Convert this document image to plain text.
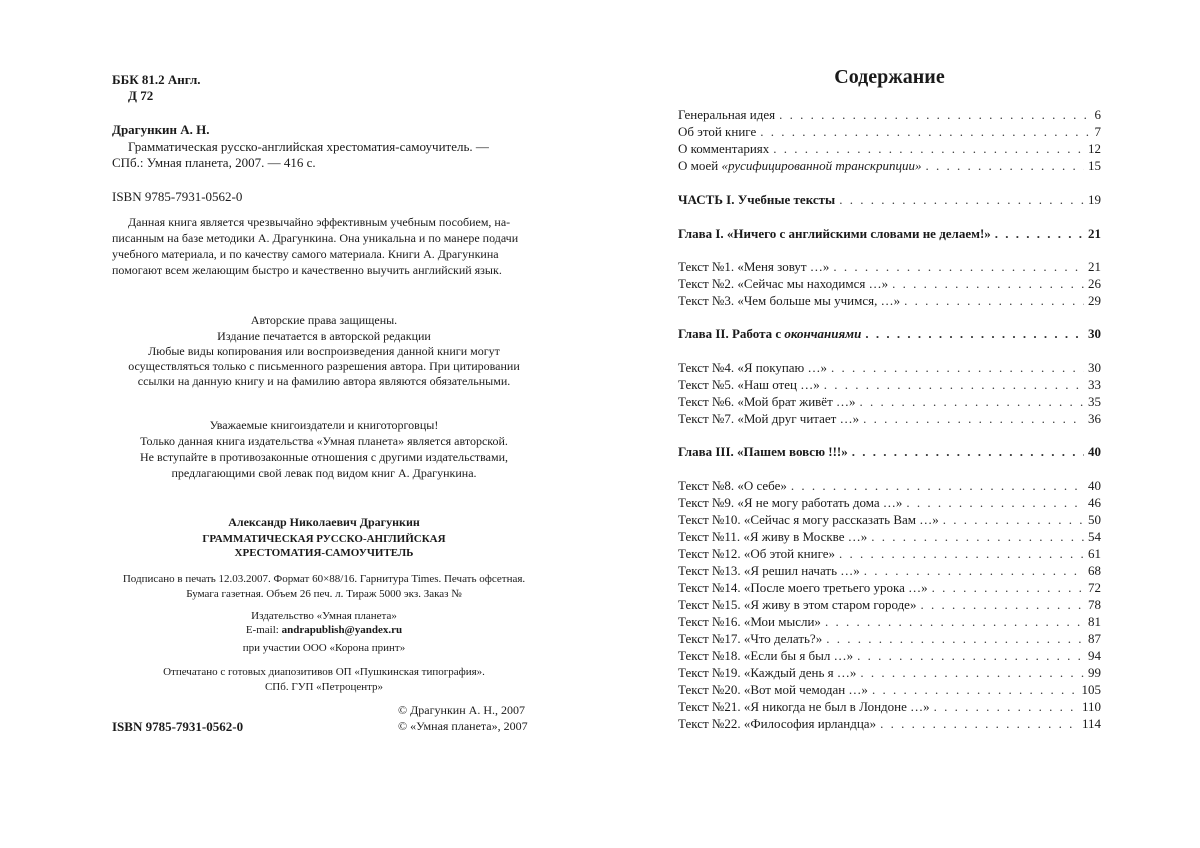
ББК 81.2 Англ.
Д 72
Драгункин А. Н.
Грамматическая русско-английская хрестоматия-самоучитель. —
СПб.: Умная планета, 2007. — 416 с.
ISBN 9785-7931-0562-0
Данная книга является чрезвычайно эффективным учебным пособием, на-
писанным на базе методики А. Драгункина. Она уникальна и по манере подачи
учебного материала, и по качеству самого материала. Книги А. Драгункина
помогают всем желающим быстро и качественно выучить английский язык.
Авторские права защищены.
Издание печатается в авторской редакции
Любые виды копирования или воспроизведения данной книги могут
осуществляться только с письменного разрешения автора. При цитировании
ссылки на данную книгу и на фамилию автора являются обязательными.
Уважаемые книгоиздатели и книготорговцы!
Только данная книга издательства «Умная планета» является авторской.
Не вступайте в противозаконные отношения с другими издательствами,
предлагающими свой левак под видом книг А. Драгункина.
Александр Николаевич Драгункин
ГРАММАТИЧЕСКАЯ РУССКО-АНГЛИЙСКАЯ
ХРЕСТОМАТИЯ-САМОУЧИТЕЛЬ
Подписано в печать 12.03.2007. Формат 60×88/16. Гарнитура Times. Печать офсетная.
Бумага газетная. Объем 26 печ. л. Тираж 5000 экз. Заказ №
Издательство «Умная планета»
E-mail: andrapublish@yandex.ru
при участии ООО «Корона принт»
Отпечатано с готовых диапозитивов ОП «Пушкинская типография».
СПб. ГУП «Петроцентр»
© Драгункин А. Н., 2007
ISBN 9785-7931-0562-0	© «Умная планета», 2007
Содержание
Генеральная идея . . .	6
Об этой книге . . .	7
О комментариях . . .	12
О моей «русифицированной транскрипции» . . .	15
ЧАСТЬ I. Учебные тексты . . .	19
Глава I. «Ничего с английскими словами не делаем!» . . .	21
Текст №1. «Меня зовут …» . . .	21
Текст №2. «Сейчас мы находимся …» . . .	26
Текст №3. «Чем больше мы учимся, …» . . .	29
Глава II. Работа с окончаниями . . .	30
Текст №4. «Я покупаю …» . . .	30
Текст №5. «Наш отец …» . . .	33
Текст №6. «Мой брат живёт …» . . .	35
Текст №7. «Мой друг читает …» . . .	36
Глава III. «Пашем вовсю !!!» . . .	40
Текст №8. «О себе» . . .	40
Текст №9. «Я не могу работать дома …» . . .	46
Текст №10. «Сейчас я могу рассказать Вам …» . . .	50
Текст №11. «Я живу в Москве …» . . .	54
Текст №12. «Об этой книге» . . .	61
Текст №13. «Я решил начать …» . . .	68
Текст №14. «После моего третьего урока …» . . .	72
Текст №15. «Я живу в этом старом городе» . . .	78
Текст №16. «Мои мысли» . . .	81
Текст №17. «Что делать?» . . .	87
Текст №18. «Если бы я был …» . . .	94
Текст №19. «Каждый день я …» . . .	99
Текст №20. «Вот мой чемодан …» . . .	105
Текст №21. «Я никогда не был в Лондоне …» . . .	110
Текст №22. «Философия ирландца» . . .	114
